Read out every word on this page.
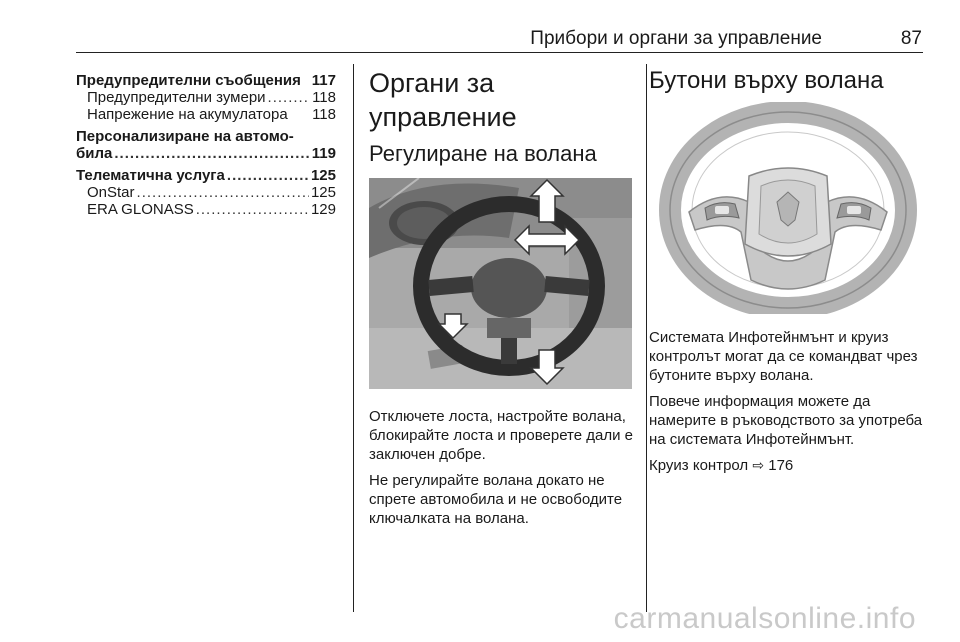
Прибори и органи за управление	87
Предупредителни съобщения 117
Предупредителни зумери .....	118
Напрежение на акумулатора 118
Персонализиране на автомо-
била .....	119
Телематична услуга .....	125
OnStar .....	125
ERA GLONASS .....	129
Органи за управление
Регулиране на волана

Отключете лоста, настройте волана, блокирайте лоста и проверете дали е заключен добре.

Не регулирайте волана докато не спрете автомобила и не освободите ключалката на волана.

Бутони върху волана

Системата Инфотейнмънт и круиз контролът могат да се командват чрез бутоните върху волана.

Повече информация можете да намерите в ръководството за употреба на системата Инфотейнмънт.

Круиз контрол ⇨ 176

carmanualsonline.info
